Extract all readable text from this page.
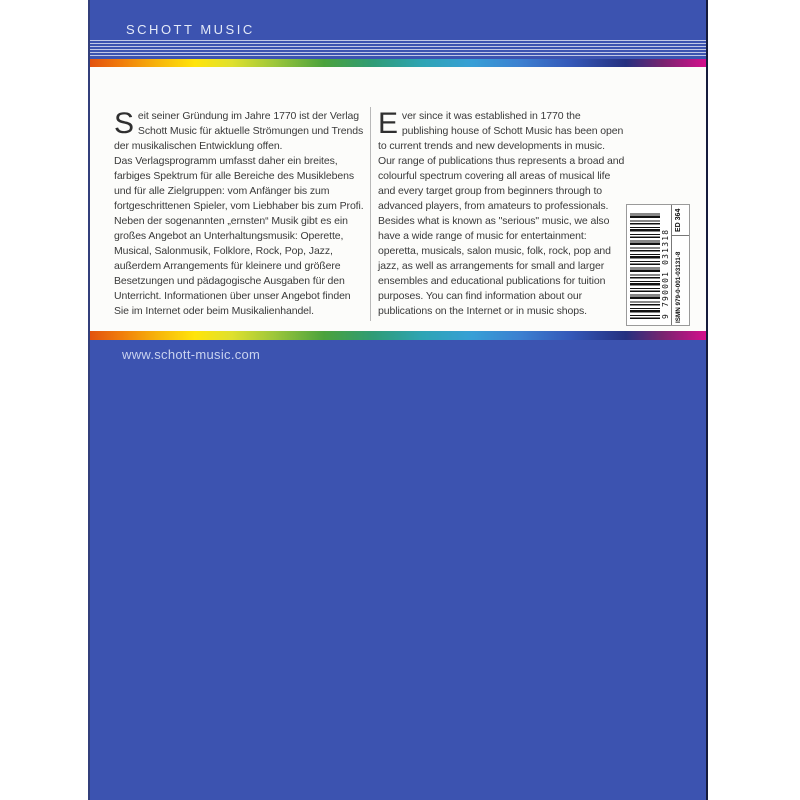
SCHOTT MUSIC

Seit seiner Gründung im Jahre 1770 ist der Verlag Schott Music für aktuelle Strömungen und Trends der musikalischen Entwicklung offen.

Das Verlagsprogramm umfasst daher ein breites, farbiges Spektrum für alle Bereiche des Musiklebens und für alle Zielgruppen: vom Anfänger bis zum fortgeschrittenen Spieler, vom Liebhaber bis zum Profi. Neben der sogenannten „ernsten“ Musik gibt es ein großes Angebot an Unterhaltungsmusik: Operette, Musical, Salonmusik, Folklore, Rock, Pop, Jazz, außerdem Arrangements für kleinere und größere Besetzungen und pädagogische Ausgaben für den Unterricht. Informationen über unser Angebot finden Sie im Internet oder beim Musikalienhandel.

Ever since it was established in 1770 the publishing house of Schott Music has been open to current trends and new developments in music.

Our range of publications thus represents a broad and colourful spectrum covering all areas of musical life and every target group from beginners through to advanced players, from amateurs to professionals. Besides what is known as "serious" music, we also have a wide range of music for entertainment: operetta, musicals, salon music, folk, rock, pop and jazz, as well as arrangements for small and larger ensembles and educational publications for tuition purposes. You can find information about our publications on the Internet or in music shops.	9 790001 031318 ISMN 979-0-001-03131-8
ED 364
www.schott-music.com
